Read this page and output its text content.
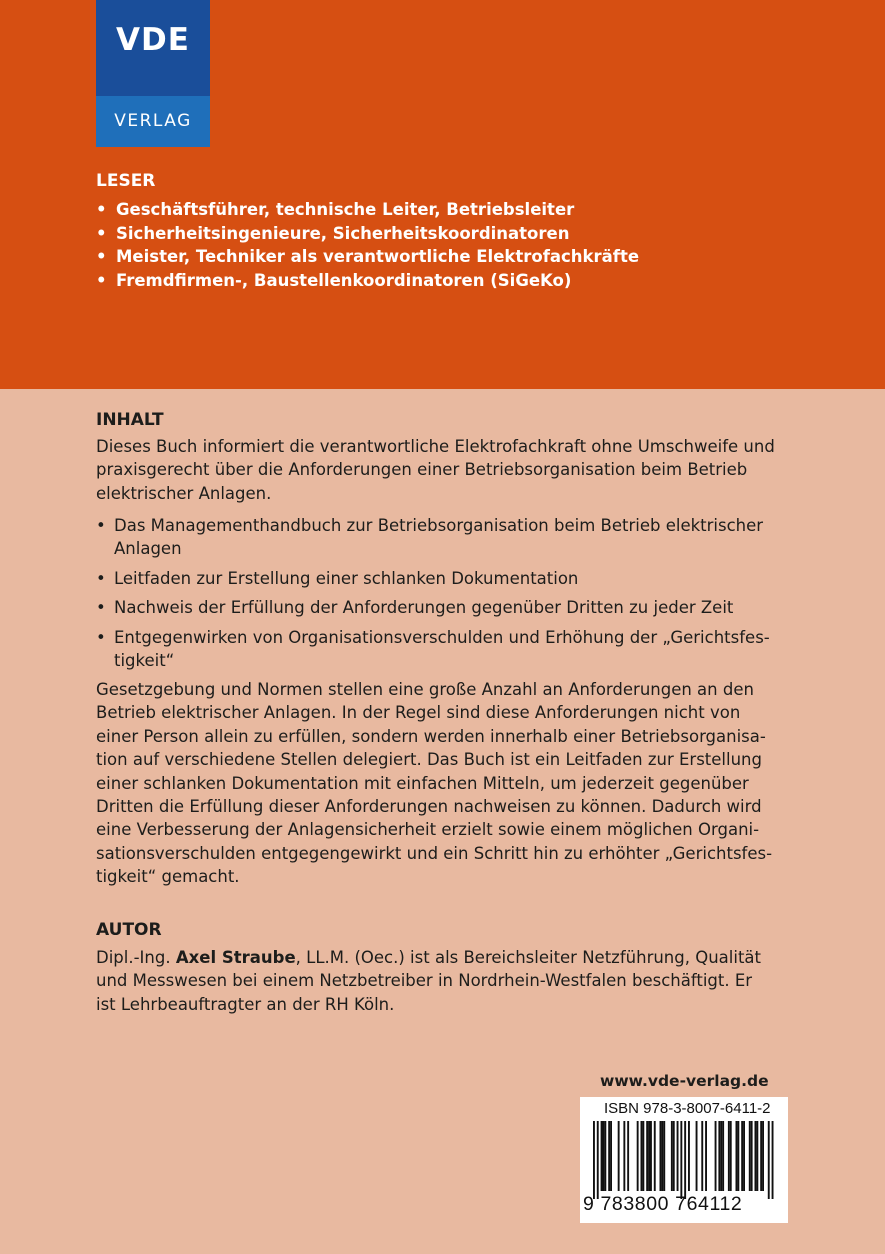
VDE
VERLAG
LESER
• Geschäftsführer, technische Leiter, Betriebsleiter
• Sicherheitsingenieure, Sicherheitskoordinatoren
• Meister, Techniker als verantwortliche Elektrofachkräfte
• Fremdfirmen-, Baustellenkoordinatoren (SiGeKo)
INHALT

Dieses Buch informiert die verantwortliche Elektrofachkraft ohne Umschweife und
praxisgerecht über die Anforderungen einer Betriebsorganisation beim Betrieb
elektrischer Anlagen.

• Das Managementhandbuch zur Betriebsorganisation beim Betrieb elektrischer
Anlagen
• Leitfaden zur Erstellung einer schlanken Dokumentation
• Nachweis der Erfüllung der Anforderungen gegenüber Dritten zu jeder Zeit
• Entgegenwirken von Organisationsverschulden und Erhöhung der „Gerichtsfes-
tigkeit“

Gesetzgebung und Normen stellen eine große Anzahl an Anforderungen an den
Betrieb elektrischer Anlagen. In der Regel sind diese Anforderungen nicht von
einer Person allein zu erfüllen, sondern werden innerhalb einer Betriebsorganisa-
tion auf verschiedene Stellen delegiert. Das Buch ist ein Leitfaden zur Erstellung
einer schlanken Dokumentation mit einfachen Mitteln, um jederzeit gegenüber
Dritten die Erfüllung dieser Anforderungen nachweisen zu können. Dadurch wird
eine Verbesserung der Anlagensicherheit erzielt sowie einem möglichen Organi-
sationsverschulden entgegengewirkt und ein Schritt hin zu erhöhter „Gerichtsfes-
tigkeit“ gemacht.

AUTOR

Dipl.-Ing. Axel Straube, LL.M. (Oec.) ist als Bereichsleiter Netzführung, Qualität
und Messwesen bei einem Netzbetreiber in Nordrhein-Westfalen beschäftigt. Er
ist Lehrbeauftragter an der RH Köln.

www.vde-verlag.de
ISBN 978-3-8007-6411-2
9 783800 764112
